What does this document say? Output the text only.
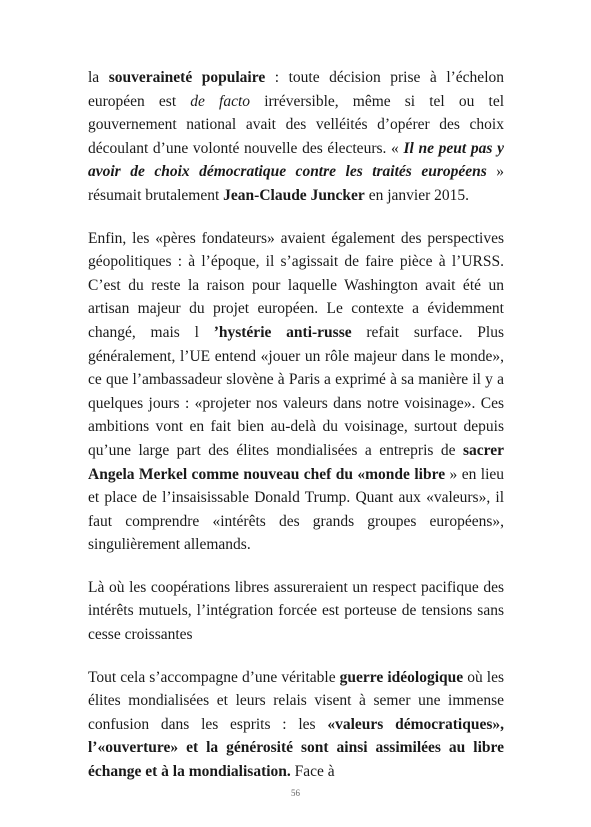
la souveraineté populaire : toute décision prise à l’échelon européen est de facto irréversible, même si tel ou tel gouvernement national avait des velléités d’opérer des choix découlant d’une volonté nouvelle des électeurs. « Il ne peut pas y avoir de choix démocratique contre les traités européens » résumait brutalement Jean-Claude Juncker en janvier 2015.

Enfin, les «pères fondateurs» avaient également des perspectives géopolitiques : à l’époque, il s’agissait de faire pièce à l’URSS. C’est du reste la raison pour laquelle Washington avait été un artisan majeur du projet européen. Le contexte a évidemment changé, mais l ’hystérie anti-russe refait surface. Plus généralement, l’UE entend «jouer un rôle majeur dans le monde», ce que l’ambassadeur slovène à Paris a exprimé à sa manière il y a quelques jours : «projeter nos valeurs dans notre voisinage». Ces ambitions vont en fait bien au-delà du voisinage, surtout depuis qu’une large part des élites mondialisées a entrepris de sacrer Angela Merkel comme nouveau chef du «monde libre » en lieu et place de l’insaisissable Donald Trump. Quant aux «valeurs», il faut comprendre «intérêts des grands groupes européens», singulièrement allemands.

Là où les coopérations libres assureraient un respect pacifique des intérêts mutuels, l’intégration forcée est porteuse de tensions sans cesse croissantes

Tout cela s’accompagne d’une véritable guerre idéologique où les élites mondialisées et leurs relais visent à semer une immense confusion dans les esprits : les «valeurs démocratiques», l’«ouverture» et la générosité sont ainsi assimilées au libre échange et à la mondialisation. Face à

56
